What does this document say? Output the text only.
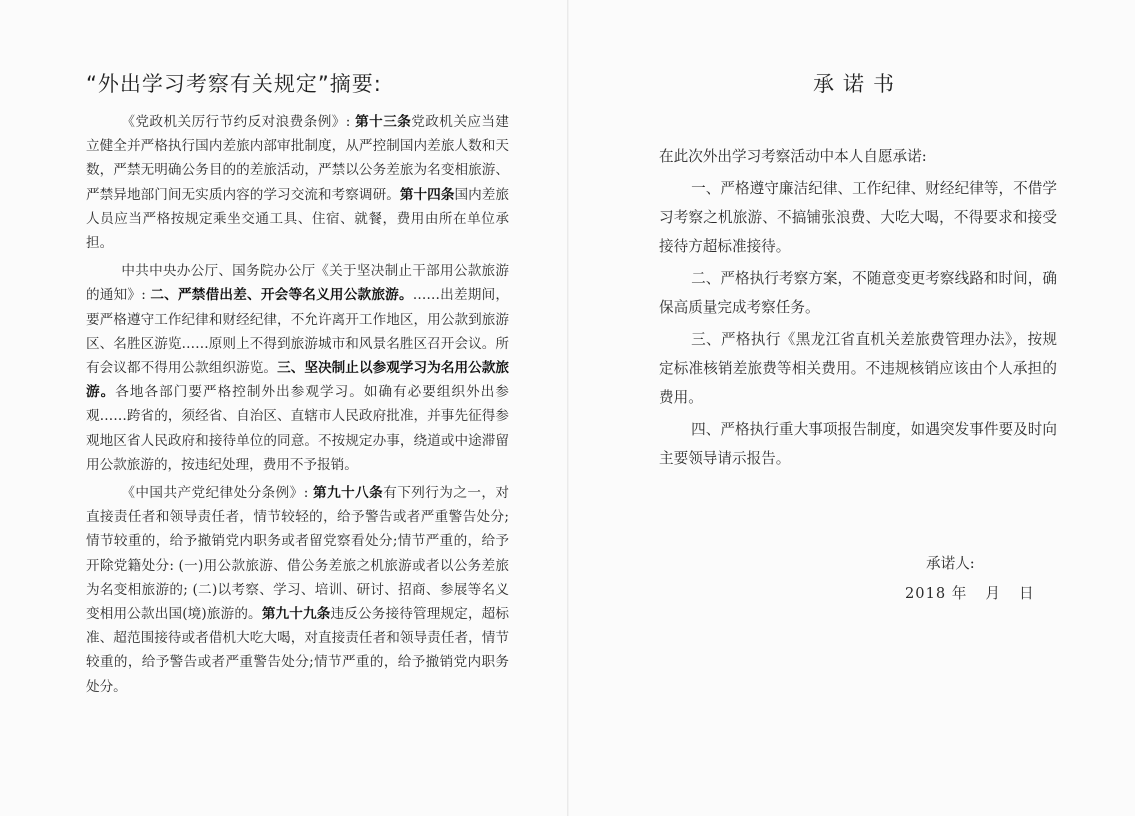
“外出学习考察有关规定”摘要:

《党政机关厉行节约反对浪费条例》: 第十三条党政机关应当建立健全并严格执行国内差旅内部审批制度，从严控制国内差旅人数和天数，严禁无明确公务目的的差旅活动，严禁以公务差旅为名变相旅游、严禁异地部门间无实质内容的学习交流和考察调研。第十四条国内差旅人员应当严格按规定乘坐交通工具、住宿、就餐，费用由所在单位承担。

中共中央办公厅、国务院办公厅《关于坚决制止干部用公款旅游的通知》: 二、严禁借出差、开会等名义用公款旅游。……出差期间，要严格遵守工作纪律和财经纪律，不允许离开工作地区，用公款到旅游区、名胜区游览……原则上不得到旅游城市和风景名胜区召开会议。所有会议都不得用公款组织游览。三、坚决制止以参观学习为名用公款旅游。各地各部门要严格控制外出参观学习。如确有必要组织外出参观……跨省的，须经省、自治区、直辖市人民政府批准，并事先征得参观地区省人民政府和接待单位的同意。不按规定办事，绕道或中途滞留用公款旅游的，按违纪处理，费用不予报销。

《中国共产党纪律处分条例》: 第九十八条有下列行为之一，对直接责任者和领导责任者，情节较轻的，给予警告或者严重警告处分;情节较重的，给予撤销党内职务或者留党察看处分;情节严重的，给予开除党籍处分: (一)用公款旅游、借公务差旅之机旅游或者以公务差旅为名变相旅游的; (二)以考察、学习、培训、研讨、招商、参展等名义变相用公款出国(境)旅游的。第九十九条违反公务接待管理规定，超标准、超范围接待或者借机大吃大喝，对直接责任者和领导责任者，情节较重的，给予警告或者严重警告处分;情节严重的，给予撤销党内职务处分。

承诺书

在此次外出学习考察活动中本人自愿承诺:

一、严格遵守廉洁纪律、工作纪律、财经纪律等，不借学习考察之机旅游、不搞铺张浪费、大吃大喝，不得要求和接受接待方超标准接待。

二、严格执行考察方案，不随意变更考察线路和时间，确保高质量完成考察任务。

三、严格执行《黑龙江省直机关差旅费管理办法》，按规定标准核销差旅费等相关费用。不违规核销应该由个人承担的费用。

四、严格执行重大事项报告制度，如遇突发事件要及时向主要领导请示报告。

承诺人:
2018 年 月 日
